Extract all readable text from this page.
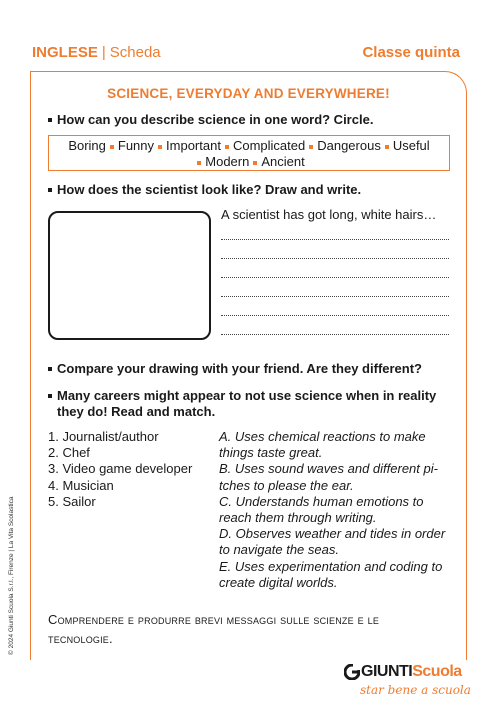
INGLESE | Scheda	Classe quinta
SCIENCE, EVERYDAY AND EVERYWHERE!
How can you describe science in one word? Circle.
Boring Funny Important Complicated Dangerous Useful
Modern Ancient
How does the scientist look like? Draw and write.
A scientist has got long, white hairs…
Compare your drawing with your friend. Are they different?
Many careers might appear to not use science when in reality
they do! Read and match.
1. Journalist/author
2. Chef
3. Video game developer
4. Musician
5. Sailor
A. Uses chemical reactions to make things taste great.
B. Uses sound waves and different pi-tches to please the ear.
C. Understands human emotions to reach them through writing.
D. Observes weather and tides in order to navigate the seas.
E. Uses experimentation and coding to create digital worlds.
Comprendere e produrre brevi messaggi sulle scienze e le
tecnologie.
© 2024 Giunti Scuola S.r.l., Firenze | La Vita Scolastica
GIUNTIScuola
star bene a scuola
